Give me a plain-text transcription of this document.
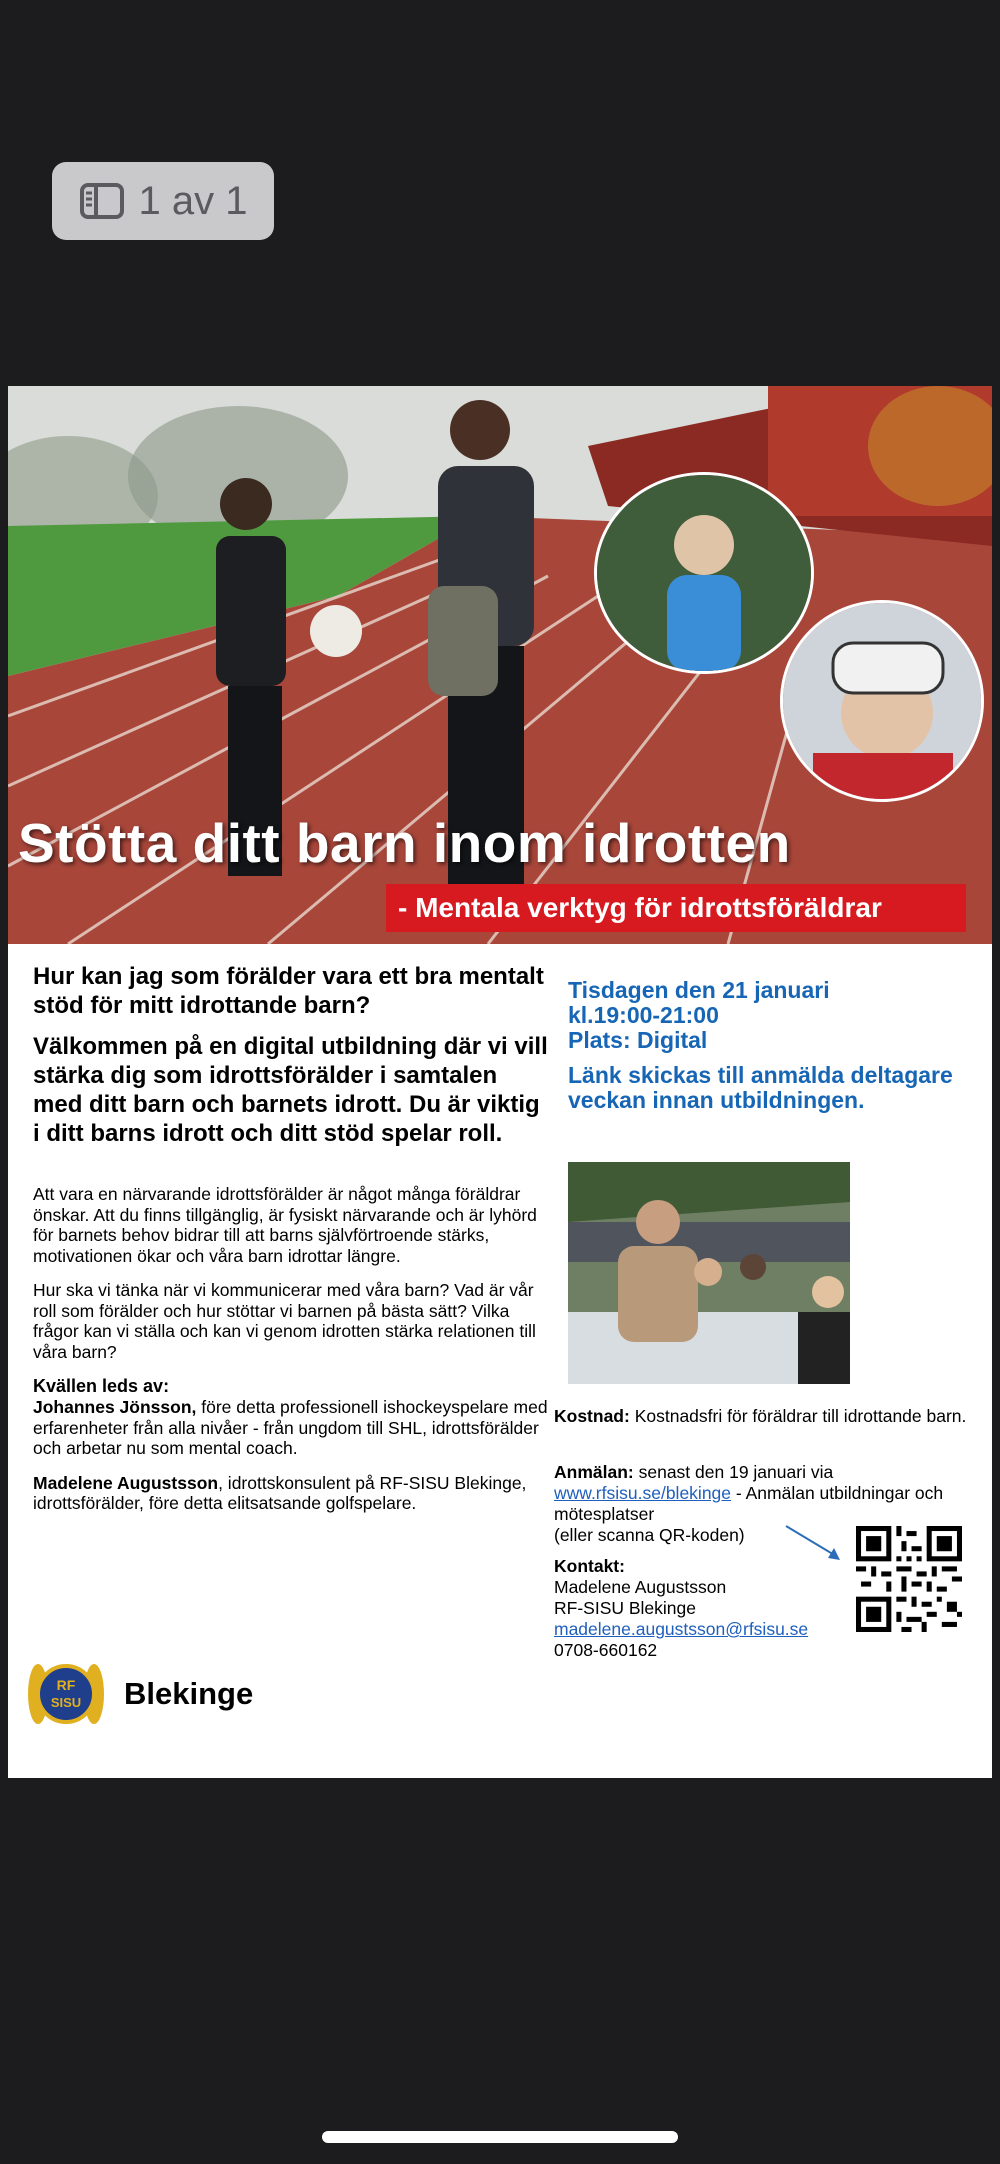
1 av 1
Stötta ditt barn inom idrotten
- Mentala verktyg för idrottsföräldrar

Hur kan jag som förälder vara ett bra mentalt stöd för mitt idrottande barn?

Välkommen på en digital utbildning där vi vill stärka dig som idrottsförälder i samtalen med ditt barn och barnets idrott. Du är viktig i ditt barns idrott och ditt stöd spelar roll.

Att vara en närvarande idrottsförälder är något många föräldrar önskar. Att du finns tillgänglig, är fysiskt närvarande och är lyhörd för barnets behov bidrar till att barns självförtroende stärks, motivationen ökar och våra barn idrottar längre.

Hur ska vi tänka när vi kommunicerar med våra barn? Vad är vår roll som förälder och hur stöttar vi barnen på bästa sätt? Vilka frågor kan vi ställa och kan vi genom idrotten stärka relationen till våra barn?

Kvällen leds av:

Johannes Jönsson, före detta professionell ishockeyspelare med erfarenheter från alla nivåer - från ungdom till SHL, idrottsförälder och arbetar nu som mental coach.

Madelene Augustsson, idrottskonsulent på RF-SISU Blekinge, idrottsförälder, före detta elitsatsande golfspelare.

RF
SISU Blekinge

Tisdagen den 21 januari
kl.19:00-21:00
Plats: Digital

Länk skickas till anmälda deltagare veckan innan utbildningen.

Kostnad: Kostnadsfri för föräldrar till idrottande barn.
Anmälan: senast den 19 januari via
www.rfsisu.se/blekinge - Anmälan utbildningar och mötesplatser
(eller scanna QR-koden)
Kontakt:
Madelene Augustsson
RF-SISU Blekinge
madelene.augustsson@rfsisu.se
0708-660162
